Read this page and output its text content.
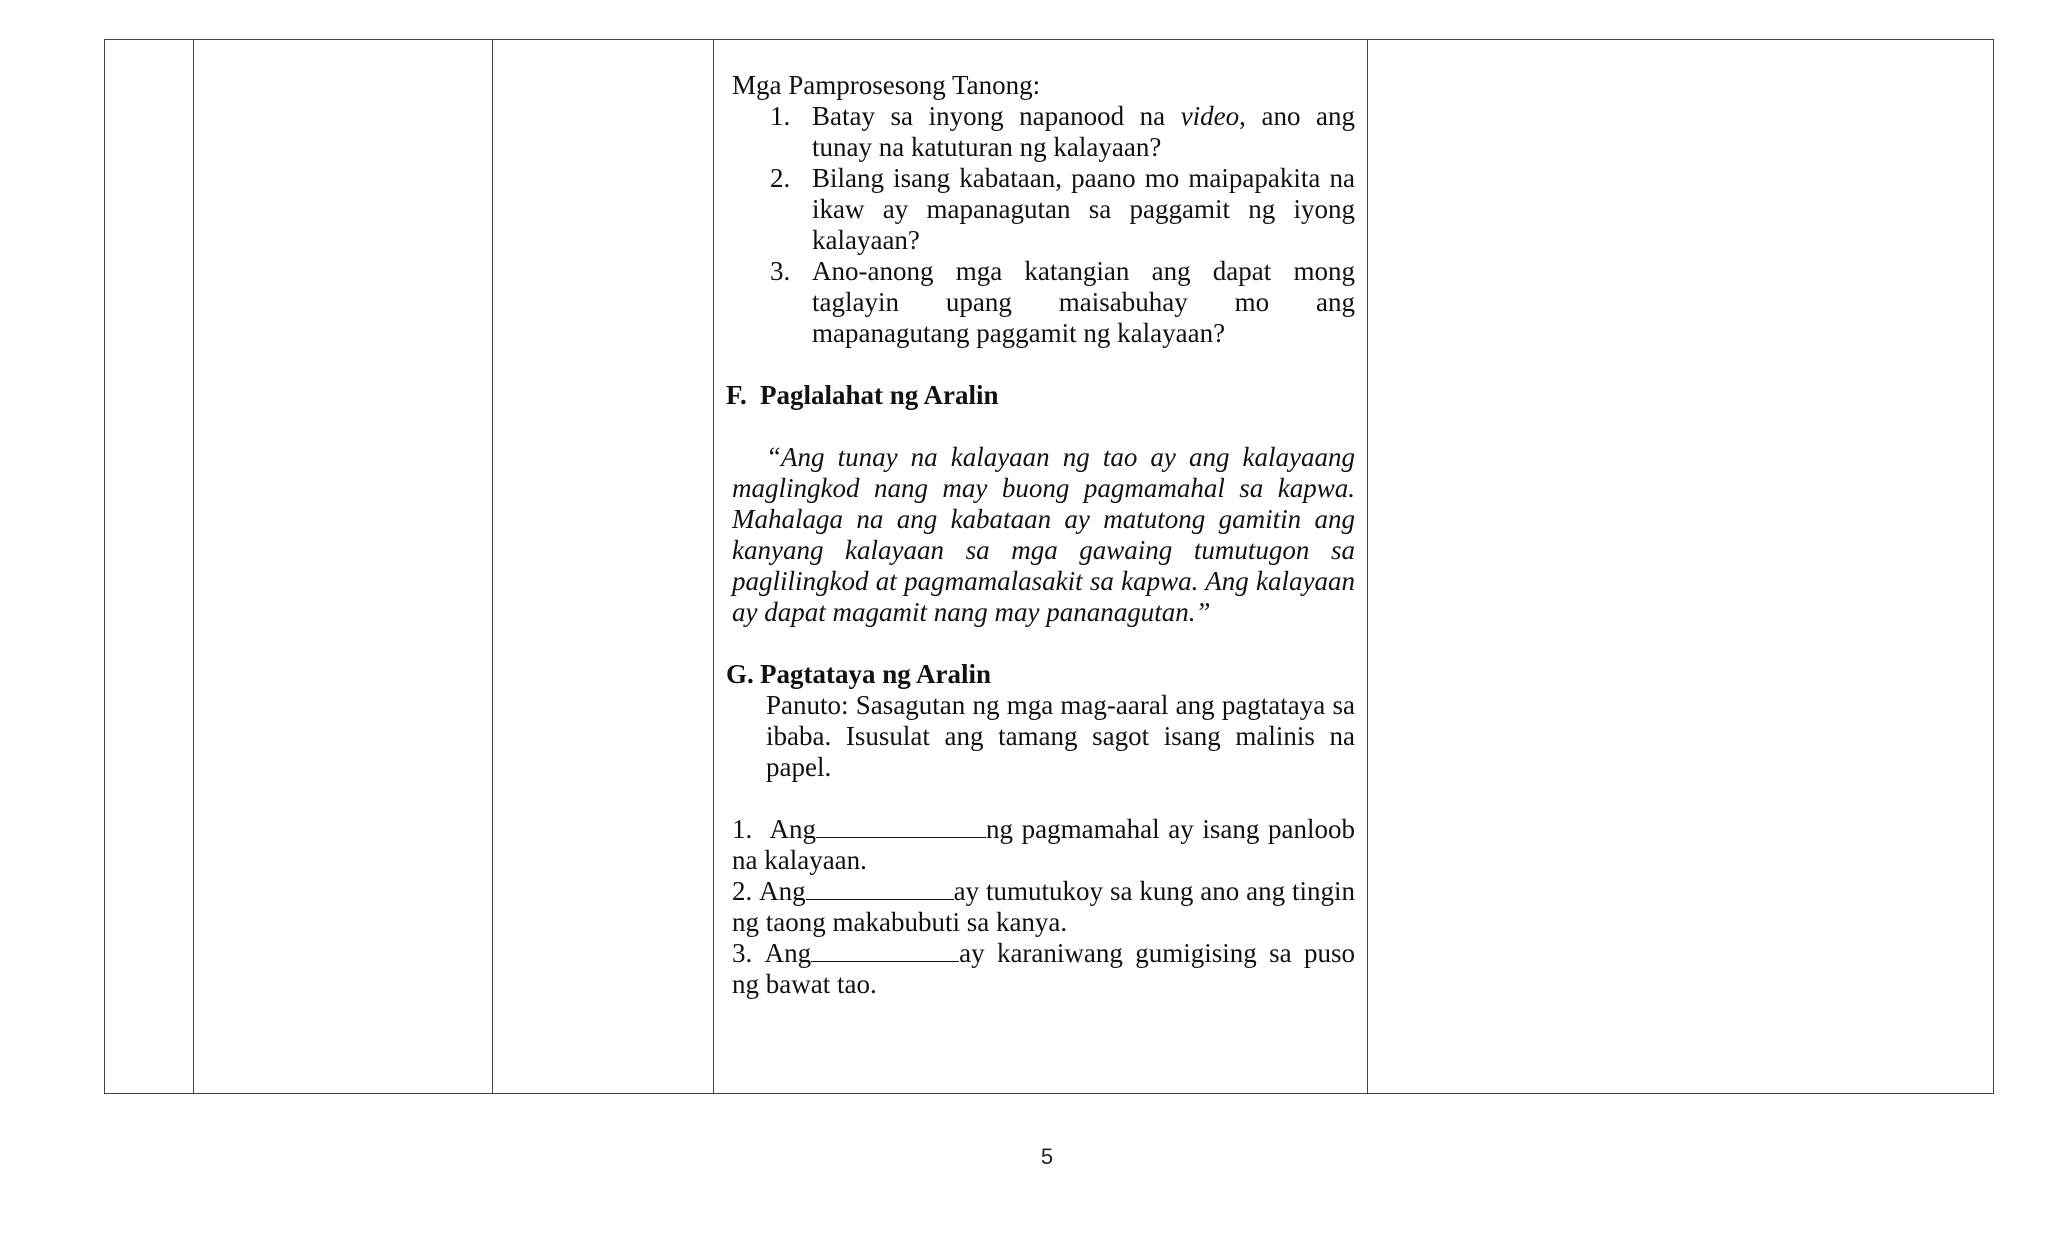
Mga Pamprosesong Tanong:
1. Batay sa inyong napanood na video, ano ang tunay na katuturan ng kalayaan?
2. Bilang isang kabataan, paano mo maipapakita na ikaw ay mapanagutan sa paggamit ng iyong kalayaan?
3. Ano-anong mga katangian ang dapat mong taglayin upang maisabuhay mo ang mapanagutang paggamit ng kalayaan?
F. Paglalahat ng Aralin

“Ang tunay na kalayaan ng tao ay ang kalayaang maglingkod nang may buong pagmamahal sa kapwa. Mahalaga na ang kabataan ay matutong gamitin ang kanyang kalayaan sa mga gawaing tumutugon sa paglilingkod at pagmamalasakit sa kapwa. Ang kalayaan ay dapat magamit nang may pananagutan.”

G. Pagtataya ng Aralin

Panuto: Sasagutan ng mga mag-aaral ang pagtataya sa ibaba. Isusulat ang tamang sagot isang malinis na papel.

1. Ang	ng pagmamahal ay isang panloob na kalayaan.
2. Ang	ay tumutukoy sa kung ano ang tingin ng taong makabubuti sa kanya.
3. Ang	ay karaniwang gumigising sa puso ng bawat tao.

5
